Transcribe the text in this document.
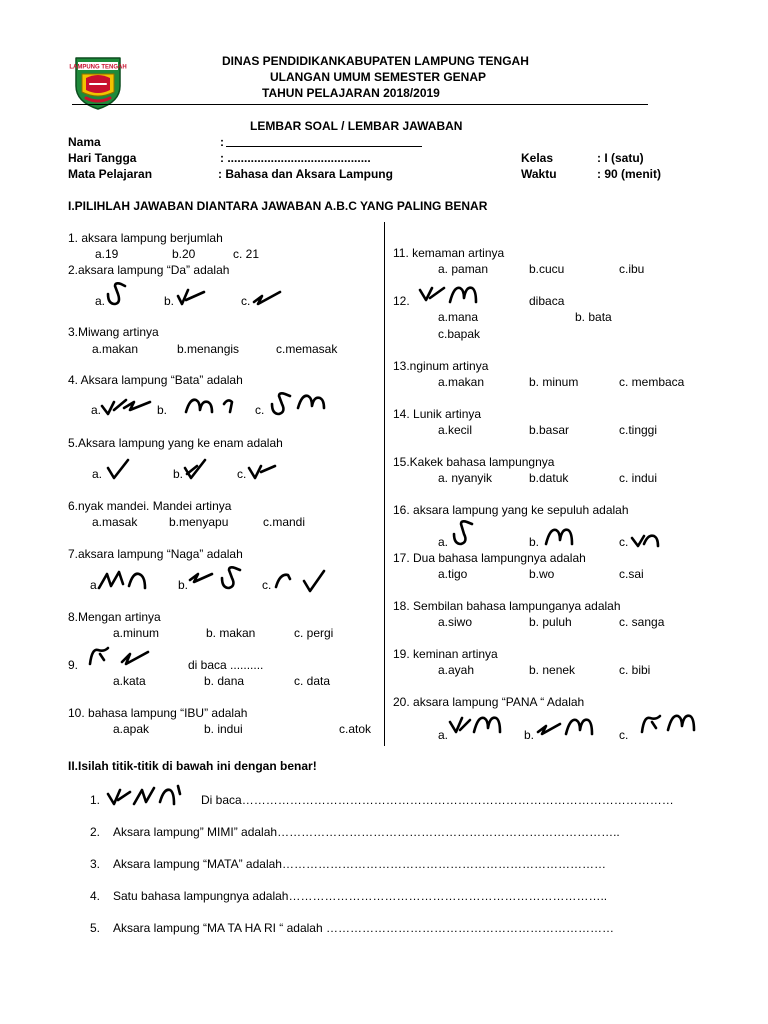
LAMPUNG TENGAH	DINAS PENDIDIKANKABUPATEN LAMPUNG TENGAH
ULANGAN UMUM SEMESTER GENAP
TAHUN PELAJARAN 2018/2019
LEMBAR SOAL / LEMBAR JAWABAN
Nama	:
Hari Tangga	: ...........................................	Kelas	: I (satu)
Mata Pelajaran	: Bahasa dan Aksara Lampung	Waktu	: 90 (menit)
I.PILIHLAH JAWABAN DIANTARA JAWABAN A.B.C YANG PALING BENAR
1. aksara lampung berjumlah
a.19	b.20	c. 21
2.aksara lampung “Da” adalah
a.	b.	c.
3.Miwang artinya
a.makan	b.menangis	c.memasak
4. Aksara lampung “Bata” adalah
a.	b.	c.
5.Aksara lampung yang ke enam adalah
a.	b.	c.
6.nyak mandei. Mandei artinya
a.masak	b.menyapu	c.mandi
7.aksara lampung “Naga” adalah
a.	b.	c.
8.Mengan artinya
a.minum	b. makan	c. pergi
9.	di baca ..........
a.kata	b. dana	c. data
10. bahasa lampung “IBU” adalah
a.apak	b. indui	c.atok
11. kemaman artinya
a. paman	b.cucu	c.ibu
12.	dibaca
a.mana	b. bata
c.bapak
13.nginum artinya
a.makan	b. minum	c. membaca
14. Lunik artinya
a.kecil	b.basar	c.tinggi
15.Kakek bahasa lampungnya
a. nyanyik	b.datuk	c. indui
16. aksara lampung yang ke sepuluh adalah
a.	b.	c.
17. Dua bahasa lampungnya adalah
a.tigo	b.wo	c.sai
18. Sembilan bahasa lampunganya adalah
a.siwo	b. puluh	c. sanga
19. keminan artinya
a.ayah	b. nenek	c. bibi
20. aksara lampung “PANA “ Adalah
a.	b.	c.
II.Isilah titik-titik di bawah ini dengan benar!
1.	Di baca………………………………………………………………………………………………
2. Aksara lampung” MIMI” adalah…………………………………………………………………………..
3. Aksara lampung “MATA” adalah………………………………………………………………………
4. Satu bahasa lampungnya adalah……………………………………………………………………..
5. Aksara lampung “MA TA HA RI “ adalah ………………………………………………………………
